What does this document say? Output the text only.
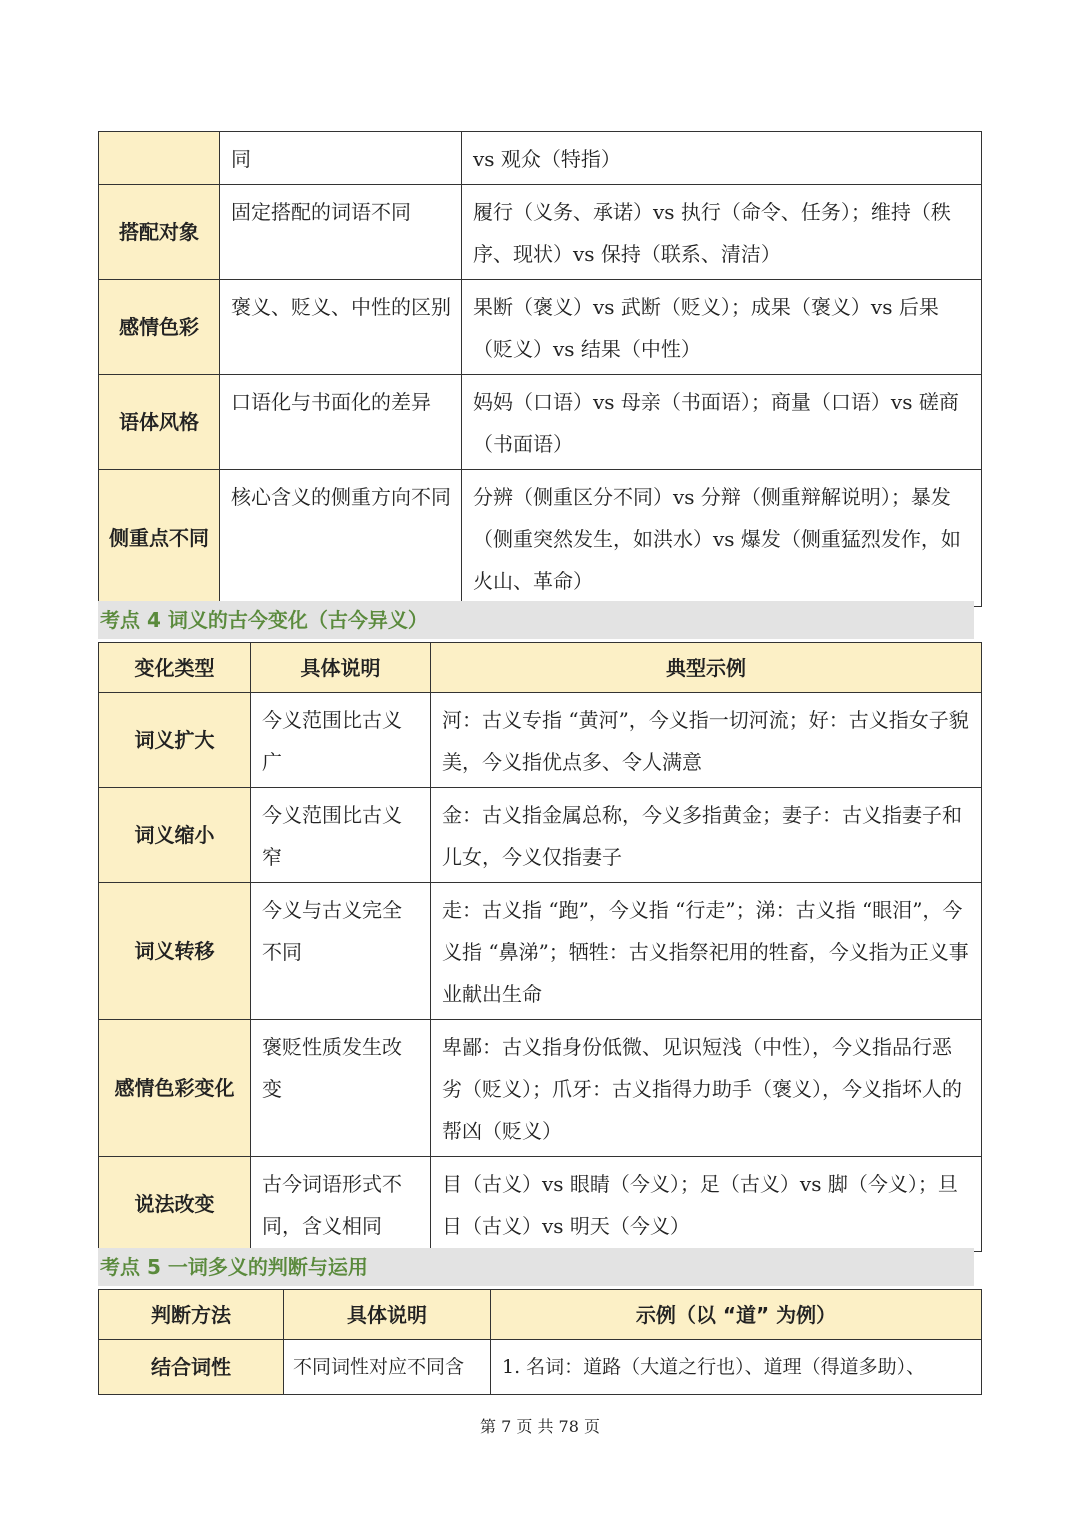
	同	vs 观众（特指）
搭配对象	固定搭配的词语不同	履行（义务、承诺）vs 执行（命令、任务）；维持（秩序、现状）vs 保持（联系、清洁）
感情色彩	褒义、贬义、中性的区别	果断（褒义）vs 武断（贬义）；成果（褒义）vs 后果（贬义）vs 结果（中性）
语体风格	口语化与书面化的差异	妈妈（口语）vs 母亲（书面语）；商量（口语）vs 磋商（书面语）
侧重点不同	核心含义的侧重方向不同	分辨（侧重区分不同）vs 分辩（侧重辩解说明）；暴发（侧重突然发生，如洪水）vs 爆发（侧重猛烈发作，如火山、革命）
考点 4 词义的古今变化（古今异义）
变化类型	具体说明	典型示例
词义扩大	今义范围比古义广	河：古义专指 “黄河”，今义指一切河流；好：古义指女子貌美，今义指优点多、令人满意
词义缩小	今义范围比古义窄	金：古义指金属总称，今义多指黄金；妻子：古义指妻子和儿女，今义仅指妻子
词义转移	今义与古义完全不同	走：古义指 “跑”，今义指 “行走”；涕：古义指 “眼泪”，今义指 “鼻涕”；牺牲：古义指祭祀用的牲畜，今义指为正义事业献出生命
感情色彩变化	褒贬性质发生改变	卑鄙：古义指身份低微、见识短浅（中性），今义指品行恶劣（贬义）；爪牙：古义指得力助手（褒义），今义指坏人的帮凶（贬义）
说法改变	古今词语形式不同，含义相同	目（古义）vs 眼睛（今义）；足（古义）vs 脚（今义）；旦日（古义）vs 明天（今义）
考点 5 一词多义的判断与运用
判断方法	具体说明	示例（以 “道” 为例）
结合词性	不同词性对应不同含	1. 名词：道路（大道之行也）、道理（得道多助）、
第 7 页 共 78 页
